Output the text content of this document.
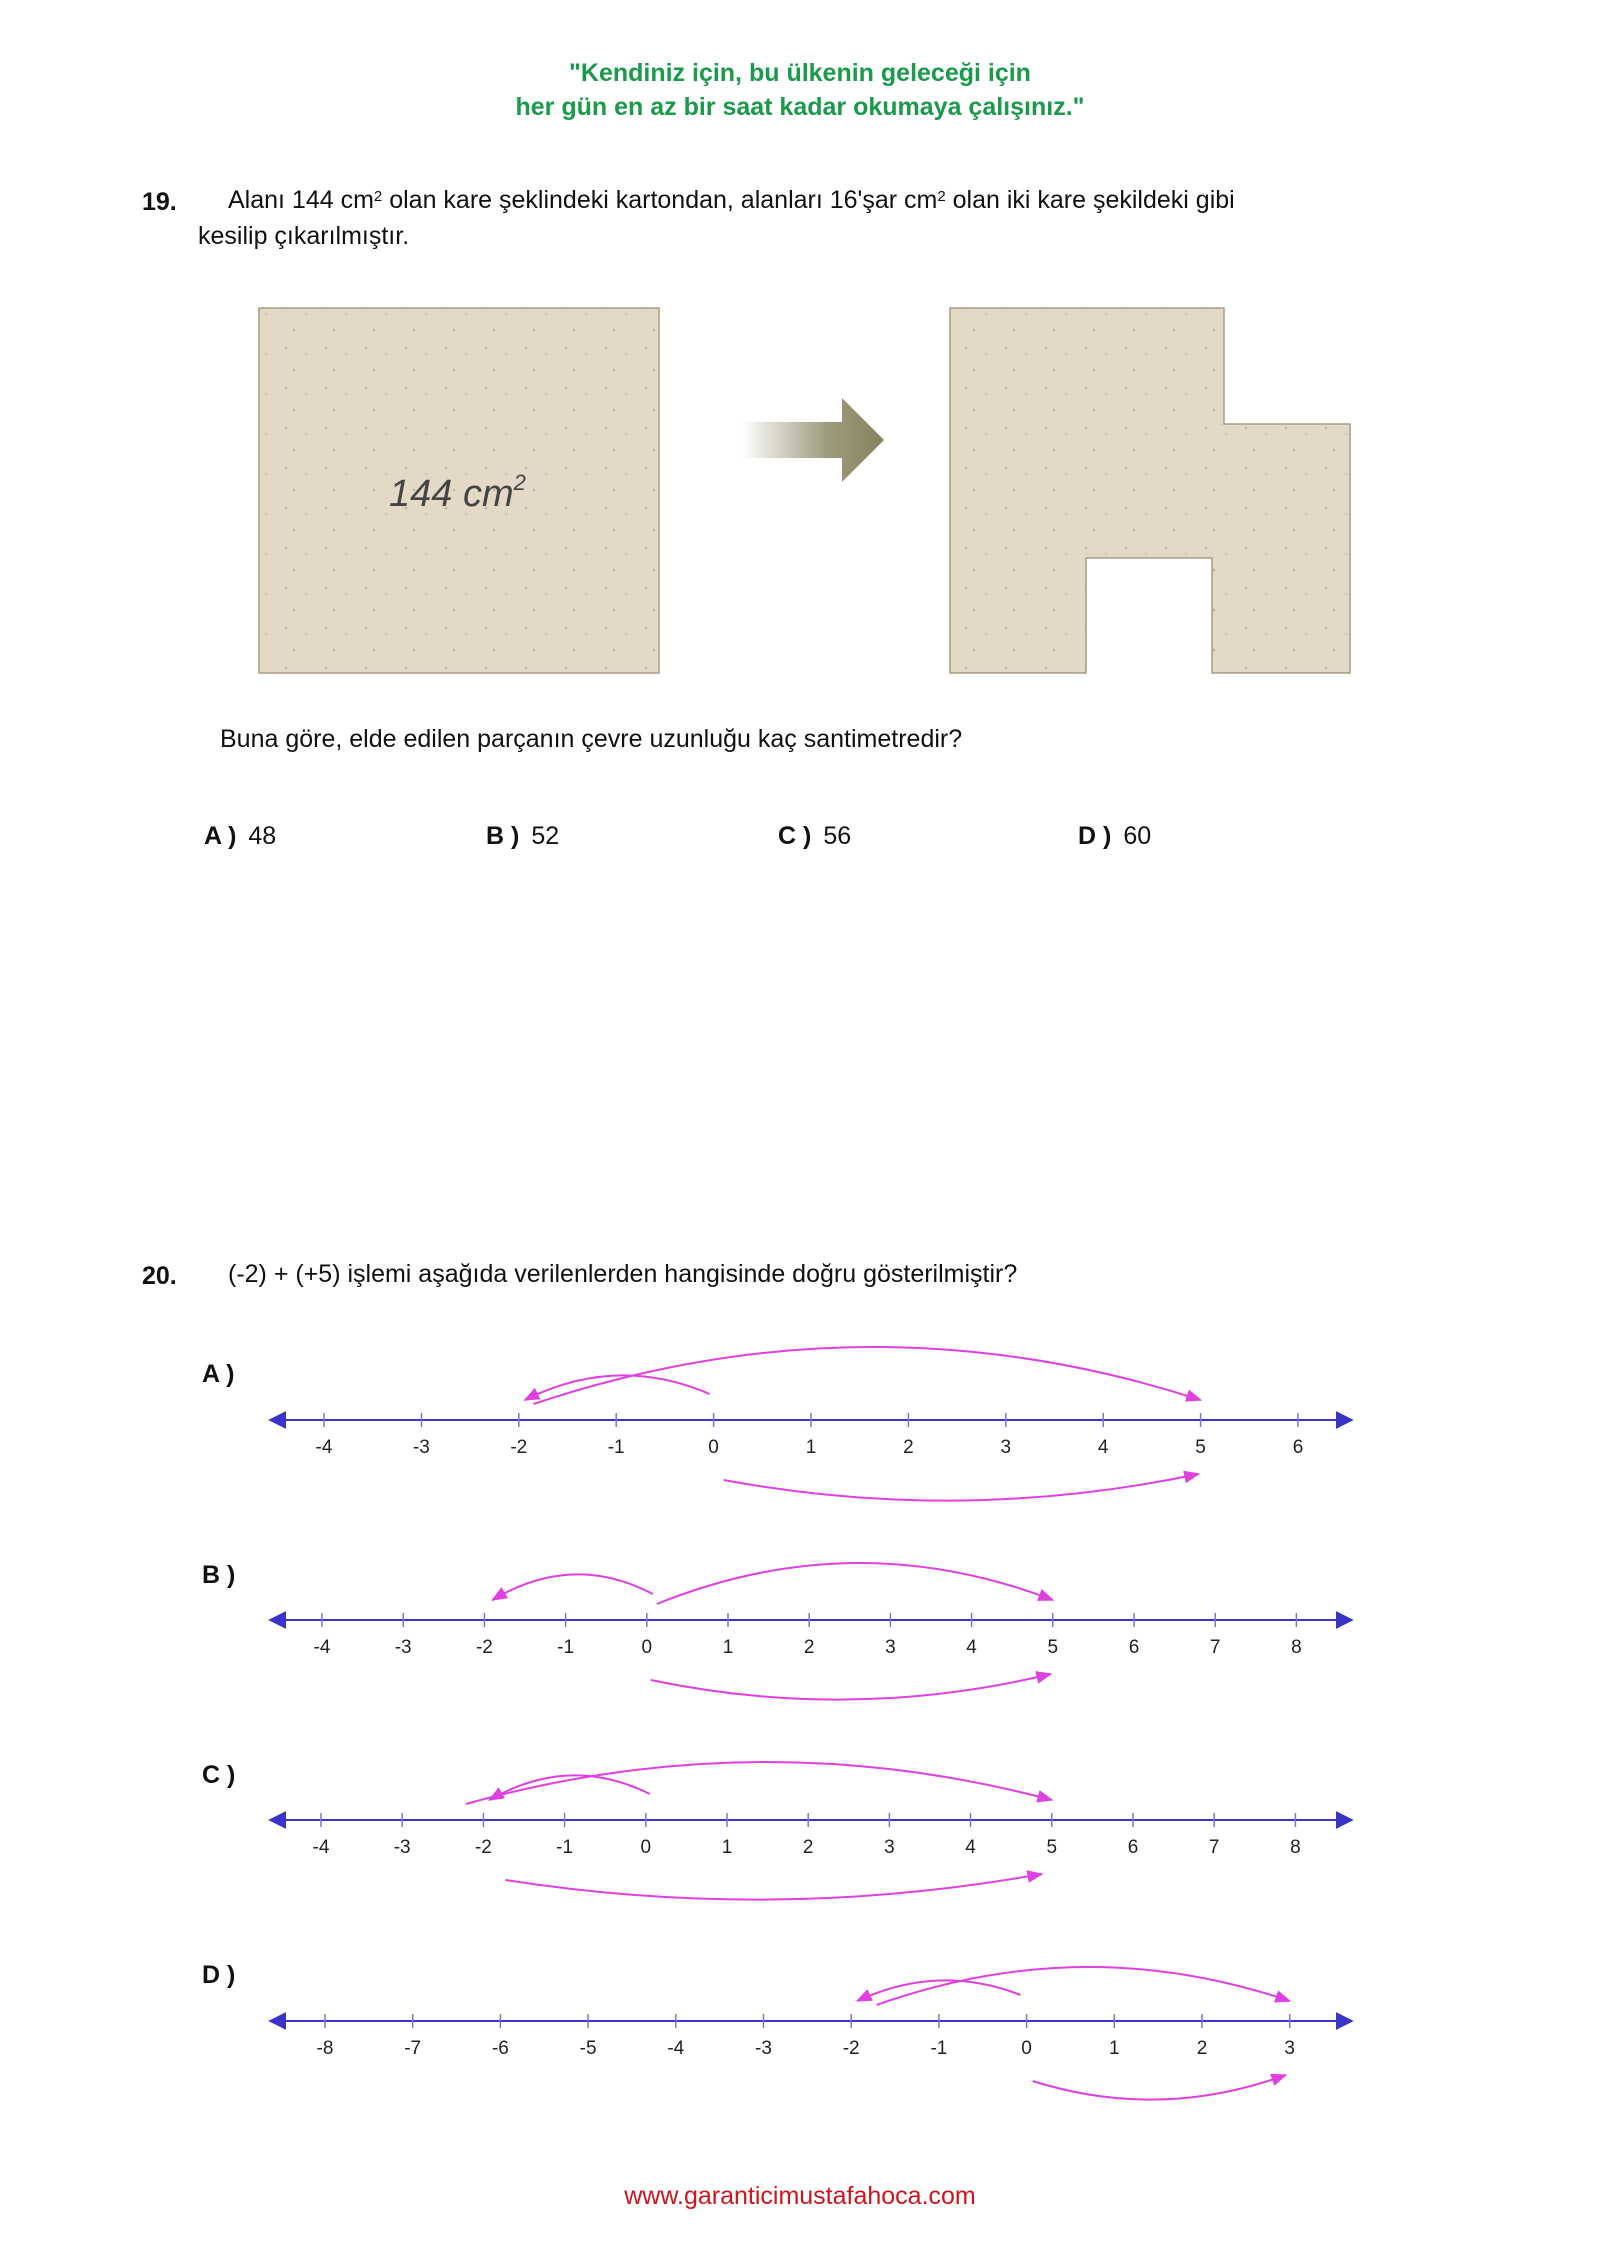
"Kendiniz için, bu ülkenin geleceği için
her gün en az bir saat kadar okumaya çalışınız."
19. Alanı 144 $cm^2$ olan kare şeklindeki kartondan, alanları 16'şar $cm^2$ olan iki kare şekildeki gibi
kesilip çıkarılmıştır.
144 $cm^2$
Buna göre, elde edilen parçanın çevre uzunluğu kaç santimetredir?
A ) 48	B ) 52	C ) 56	D ) 60
20. (-2) + (+5) işlemi aşağıda verilenlerden hangisinde doğru gösterilmiştir?
A )
B )
C )
D )
-4	-3	-2	-1	0	1	2	3	4	5	6
-4	-3	-2	-1	0	1	2	3	4	5	6	7	8
-4	-3	-2	-1	0	1	2	3	4	5	6	7	8
-8	-7	-6	-5	-4	-3	-2	-1	0	1	2	3
www.garanticimustafahoca.com
